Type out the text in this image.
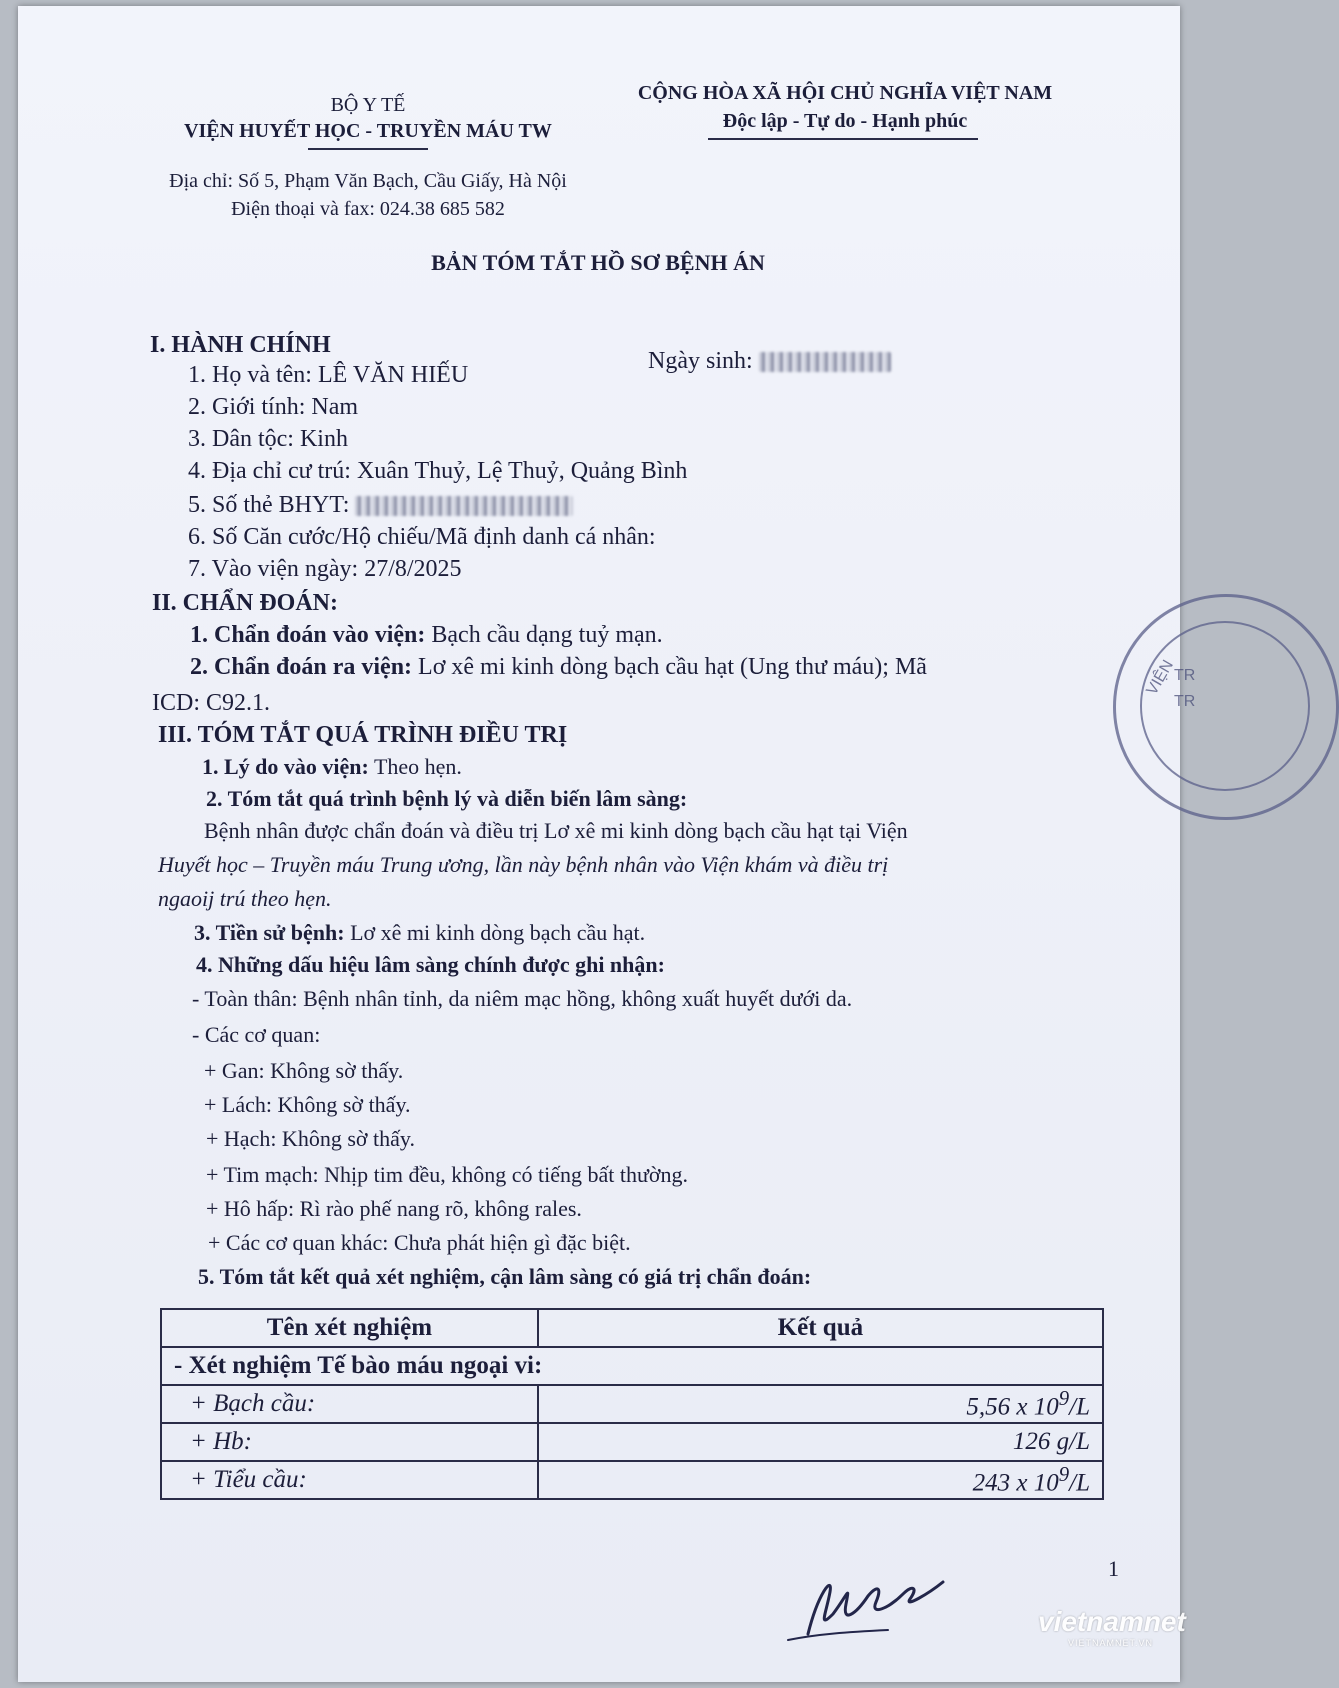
BỘ Y TẾ
VIỆN HUYẾT HỌC - TRUYỀN MÁU TW
Địa chỉ: Số 5, Phạm Văn Bạch, Cầu Giấy, Hà Nội
Điện thoại và fax: 024.38 685 582
CỘNG HÒA XÃ HỘI CHỦ NGHĨA VIỆT NAM
Độc lập - Tự do - Hạnh phúc
BẢN TÓM TẮT HỒ SƠ BỆNH ÁN
I. HÀNH CHÍNH
1. Họ và tên: LÊ VĂN HIẾU
Ngày sinh:
2. Giới tính: Nam
3. Dân tộc: Kinh
4. Địa chỉ cư trú: Xuân Thuỷ, Lệ Thuỷ, Quảng Bình
5. Số thẻ BHYT:
6. Số Căn cước/Hộ chiếu/Mã định danh cá nhân:
7. Vào viện ngày: 27/8/2025
II. CHẨN ĐOÁN:
1. Chẩn đoán vào viện: Bạch cầu dạng tuỷ mạn.
2. Chẩn đoán ra viện: Lơ xê mi kinh dòng bạch cầu hạt (Ung thư máu); Mã
ICD: C92.1.
III. TÓM TẮT QUÁ TRÌNH ĐIỀU TRỊ
1. Lý do vào viện: Theo hẹn.
2. Tóm tắt quá trình bệnh lý và diễn biến lâm sàng:
Bệnh nhân được chẩn đoán và điều trị Lơ xê mi kinh dòng bạch cầu hạt tại Viện
Huyết học – Truyền máu Trung ương, lần này bệnh nhân vào Viện khám và điều trị
ngaoij trú theo hẹn.
3. Tiền sử bệnh: Lơ xê mi kinh dòng bạch cầu hạt.
4. Những dấu hiệu lâm sàng chính được ghi nhận:
- Toàn thân: Bệnh nhân tỉnh, da niêm mạc hồng, không xuất huyết dưới da.
- Các cơ quan:
+ Gan: Không sờ thấy.
+ Lách: Không sờ thấy.
+ Hạch: Không sờ thấy.
+ Tim mạch: Nhịp tim đều, không có tiếng bất thường.
+ Hô hấp: Rì rào phế nang rõ, không rales.
+ Các cơ quan khác: Chưa phát hiện gì đặc biệt.
5. Tóm tắt kết quả xét nghiệm, cận lâm sàng có giá trị chẩn đoán:
Tên xét nghiệm	Kết quả
- Xét nghiệm Tế bào máu ngoại vi:	
+ Bạch cầu:	5,56 x $10^9/L$
+ Hb:	126 g/L
+ Tiểu cầu:	243 x $10^9/L$
VIỆN
TR
TR
1
vietnamnet
VIETNAMNET.VN
